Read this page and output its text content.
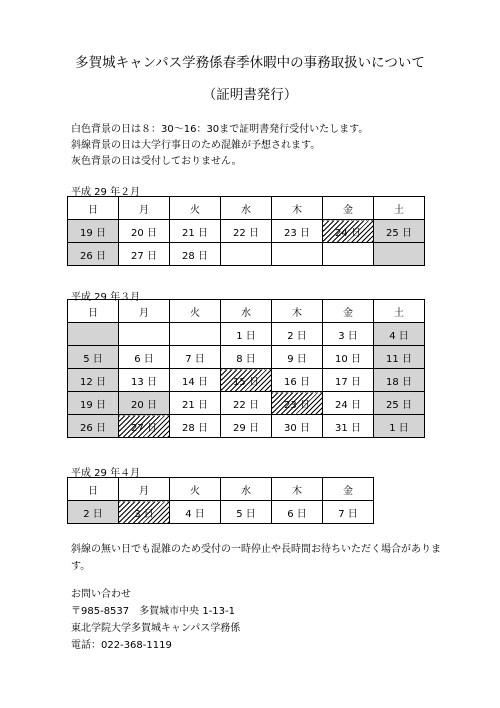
多賀城キャンパス学務係春季休暇中の事務取扱いについて
（証明書発行）
白色背景の日は８：30～16：30まで証明書発行受付いたします。
斜線背景の日は大学行事日のため混雑が予想されます。
灰色背景の日は受付しておりません。
平成 29 年２月
日	月	火	水	木	金	土
19 日	20 日	21 日	22 日	23 日	24 日	25 日
26 日	27 日	28 日				
平成 29 年３月
日	月	火	水	木	金	土
			1 日	2 日	3 日	4 日
5 日	6 日	7 日	8 日	9 日	10 日	11 日
12 日	13 日	14 日	15 日	16 日	17 日	18 日
19 日	20 日	21 日	22 日	23 日	24 日	25 日
26 日	27 日	28 日	29 日	30 日	31 日	1 日
平成 29 年４月
日	月	火	水	木	金
2 日	3 日	4 日	5 日	6 日	7 日
斜線の無い日でも混雑のため受付の一時停止や長時間お待ちいただく場合があります。
お問い合わせ
〒985-8537　多賀城市中央 1-13-1
東北学院大学多賀城キャンパス学務係
電話：022-368-1119
